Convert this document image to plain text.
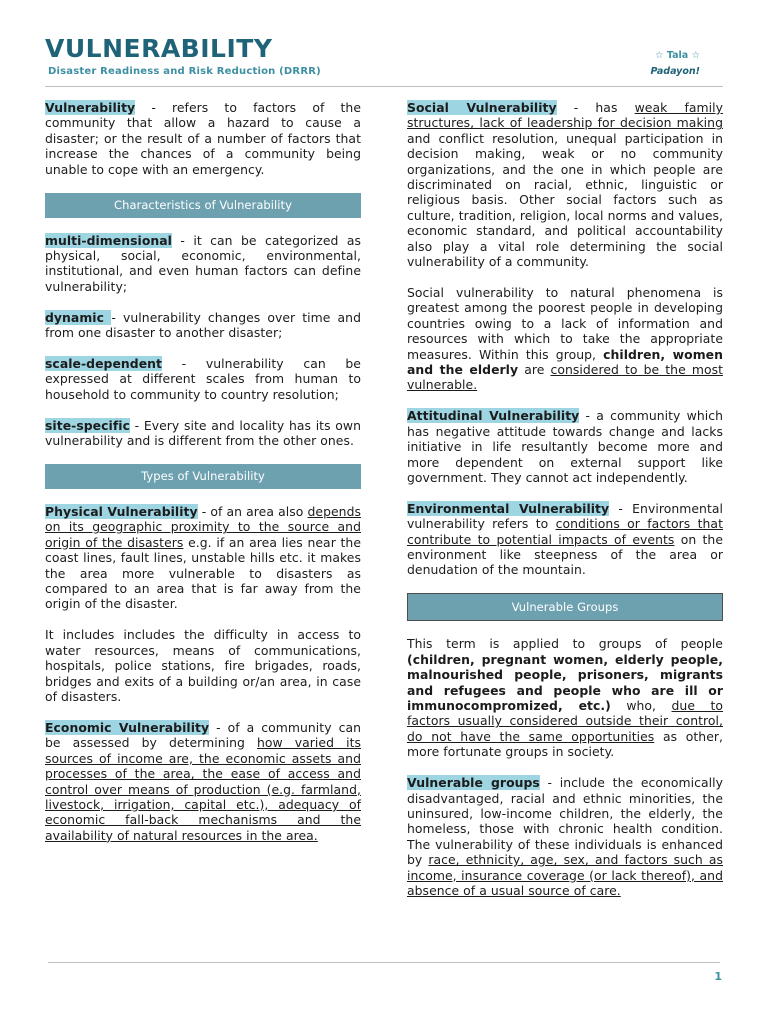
VULNERABILITY
Disaster Readiness and Risk Reduction (DRRR)
☆ Tala ☆
Padayon!

Vulnerability - refers to factors of the community that allow a hazard to cause a disaster; or the result of a number of factors that increase the chances of a community being unable to cope with an emergency.

Characteristics of Vulnerability

multi-dimensional - it can be categorized as physical, social, economic, environmental, institutional, and even human factors can define vulnerability;

dynamic - vulnerability changes over time and from one disaster to another disaster;

scale-dependent - vulnerability can be expressed at different scales from human to household to community to country resolution;

site-specific - Every site and locality has its own vulnerability and is different from the other ones.

Types of Vulnerability

Physical Vulnerability - of an area also depends on its geographic proximity to the source and origin of the disasters e.g. if an area lies near the coast lines, fault lines, unstable hills etc. it makes the area more vulnerable to disasters as compared to an area that is far away from the origin of the disaster.

It includes includes the difficulty in access to water resources, means of communications, hospitals, police stations, fire brigades, roads, bridges and exits of a building or/an area, in case of disasters.

Economic Vulnerability - of a community can be assessed by determining how varied its sources of income are, the economic assets and processes of the area, the ease of access and control over means of production (e.g. farmland, livestock, irrigation, capital etc.), adequacy of economic fall-back mechanisms and the availability of natural resources in the area.

Social Vulnerability - has weak family structures, lack of leadership for decision making and conflict resolution, unequal participation in decision making, weak or no community organizations, and the one in which people are discriminated on racial, ethnic, linguistic or religious basis. Other social factors such as culture, tradition, religion, local norms and values, economic standard, and political accountability also play a vital role determining the social vulnerability of a community.

Social vulnerability to natural phenomena is greatest among the poorest people in developing countries owing to a lack of information and resources with which to take the appropriate measures. Within this group, children, women and the elderly are considered to be the most vulnerable.

Attitudinal Vulnerability - a community which has negative attitude towards change and lacks initiative in life resultantly become more and more dependent on external support like government. They cannot act independently.

Environmental Vulnerability - Environmental vulnerability refers to conditions or factors that contribute to potential impacts of events on the environment like steepness of the area or denudation of the mountain.

Vulnerable Groups

This term is applied to groups of people (children, pregnant women, elderly people, malnourished people, prisoners, migrants and refugees and people who are ill or immunocompromized, etc.) who, due to factors usually considered outside their control, do not have the same opportunities as other, more fortunate groups in society.

Vulnerable groups - include the economically disadvantaged, racial and ethnic minorities, the uninsured, low-income children, the elderly, the homeless, those with chronic health condition. The vulnerability of these individuals is enhanced by race, ethnicity, age, sex, and factors such as income, insurance coverage (or lack thereof), and absence of a usual source of care.

1
